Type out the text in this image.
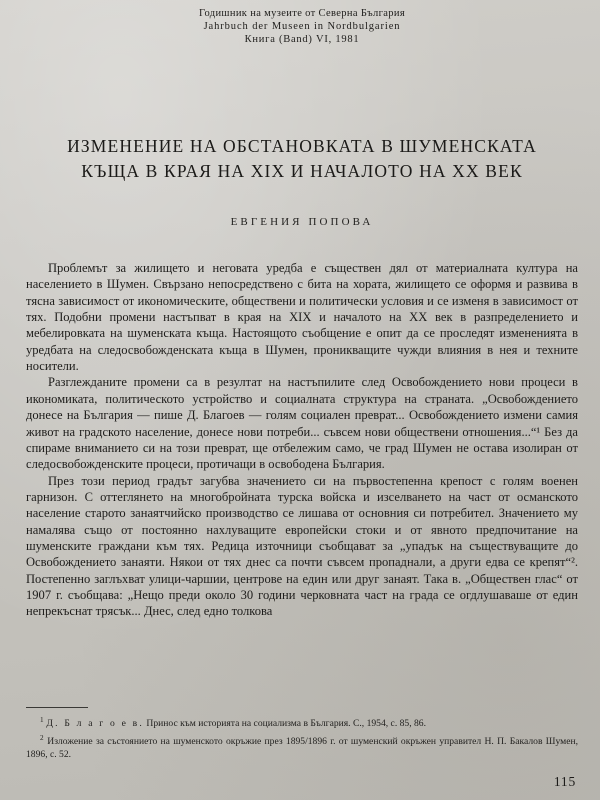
Годишник на музеите от Северна България
Jahrbuch der Museen in Nordbulgarien
Книга (Band) VI, 1981
ИЗМЕНЕНИЕ НА ОБСТАНОВКАТА В ШУМЕНСКАТА
КЪЩА В КРАЯ НА XIX И НАЧАЛОТО НА XX ВЕК
ЕВГЕНИЯ ПОПОВА

Проблемът за жилището и неговата уредба е съществен дял от материалната култура на населението в Шумен. Свързано непосредствено с бита на хората, жилището се оформя и развива в тясна зависимост от икономическите, обществени и политически условия и се изменя в зависимост от тях. Подобни промени настъпват в края на XIX и началото на XX век в разпределението и мебелировката на шуменската къща. Настоящото съобщение е опит да се проследят измененията в уредбата на следосвобожденската къща в Шумен, проникващите чужди влияния в нея и техните носители.

Разглежданите промени са в резултат на настъпилите след Освобождението нови процеси в икономиката, политическото устройство и социалната структура на страната. „Освобождението донесе на България — пише Д. Благоев — голям социален преврат... Освобождението измени самия живот на градското население, донесе нови потреби... съвсем нови обществени отношения...“¹ Без да спираме вниманието си на този преврат, ще отбележим само, че град Шумен не остава изолиран от следосвобожденските процеси, протичащи в освободена България.

През този период градът загубва значението си на първостепенна крепост с голям военен гарнизон. С оттеглянето на многобройната турска войска и изселването на част от османското население старото занаятчийско производство се лишава от основния си потребител. Значението му намалява също от постоянно нахлуващите европейски стоки и от явното предпочитание на шуменските граждани към тях. Редица източници съобщават за „упадък на съществуващите до Освобождението занаяти. Някои от тях днес са почти съвсем пропаднали, а други едва се крепят“². Постепенно заглъхват улици-чаршии, центрове на един или друг занаят. Така в. „Обществен глас“ от 1907 г. съобщава: „Нещо преди около 30 години черковната част на града се огдлушаваше от един непрекъснат трясък... Днес, след едно толкова

$^1$ Д. Б л а г о е в. Принос към историята на социализма в България. С., 1954, с. 85, 86.

$^2$ Изложение за състоянието на шуменското окръжие през 1895/1896 г. от шуменский окръжен управител Н. П. Бакалов Шумен, 1896, с. 52.

115
